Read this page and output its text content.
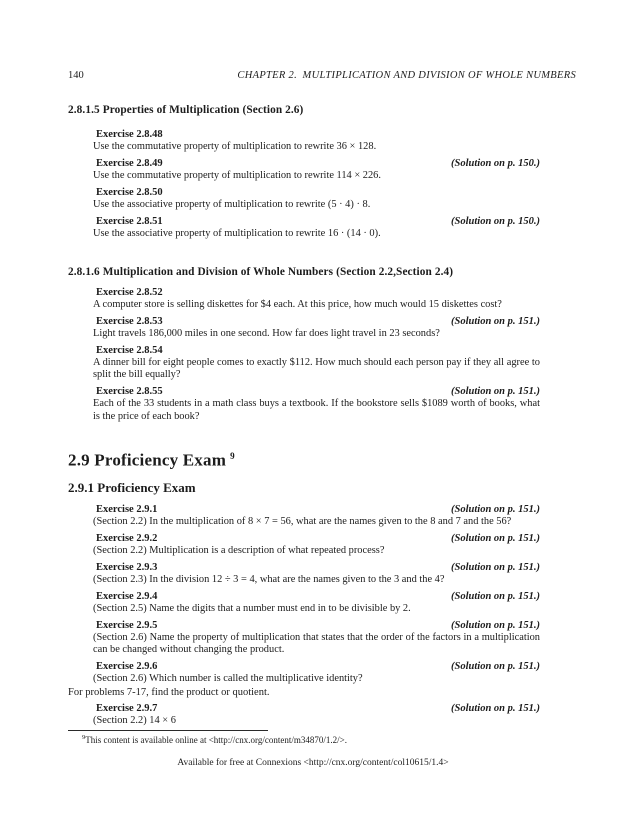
140	CHAPTER 2. MULTIPLICATION AND DIVISION OF WHOLE NUMBERS
2.8.1.5 Properties of Multiplication (Section 2.6)
Exercise 2.8.48
Use the commutative property of multiplication to rewrite 36 × 128.
Exercise 2.8.49	(Solution on p. 150.)
Use the commutative property of multiplication to rewrite 114 × 226.
Exercise 2.8.50
Use the associative property of multiplication to rewrite (5 · 4) · 8.
Exercise 2.8.51	(Solution on p. 150.)
Use the associative property of multiplication to rewrite 16 · (14 · 0).
2.8.1.6 Multiplication and Division of Whole Numbers (Section 2.2,Section 2.4)
Exercise 2.8.52
A computer store is selling diskettes for $4 each. At this price, how much would 15 diskettes cost?
Exercise 2.8.53	(Solution on p. 151.)
Light travels 186,000 miles in one second. How far does light travel in 23 seconds?
Exercise 2.8.54
A dinner bill for eight people comes to exactly $112. How much should each person pay if they all agree to split the bill equally?
Exercise 2.8.55	(Solution on p. 151.)
Each of the 33 students in a math class buys a textbook. If the bookstore sells $1089 worth of books, what is the price of each book?
2.9 Proficiency Exam $^9$
2.9.1 Proficiency Exam
Exercise 2.9.1	(Solution on p. 151.)
(Section 2.2) In the multiplication of 8 × 7 = 56, what are the names given to the 8 and 7 and the 56?
Exercise 2.9.2	(Solution on p. 151.)
(Section 2.2) Multiplication is a description of what repeated process?
Exercise 2.9.3	(Solution on p. 151.)
(Section 2.3) In the division 12 ÷ 3 = 4, what are the names given to the 3 and the 4?
Exercise 2.9.4	(Solution on p. 151.)
(Section 2.5) Name the digits that a number must end in to be divisible by 2.
Exercise 2.9.5	(Solution on p. 151.)
(Section 2.6) Name the property of multiplication that states that the order of the factors in a multiplication can be changed without changing the product.
Exercise 2.9.6	(Solution on p. 151.)
(Section 2.6) Which number is called the multiplicative identity?
For problems 7-17, find the product or quotient.
Exercise 2.9.7	(Solution on p. 151.)
(Section 2.2) 14 × 6
$^9$This content is available online at <http://cnx.org/content/m34870/1.2/>.
Available for free at Connexions <http://cnx.org/content/col10615/1.4>
